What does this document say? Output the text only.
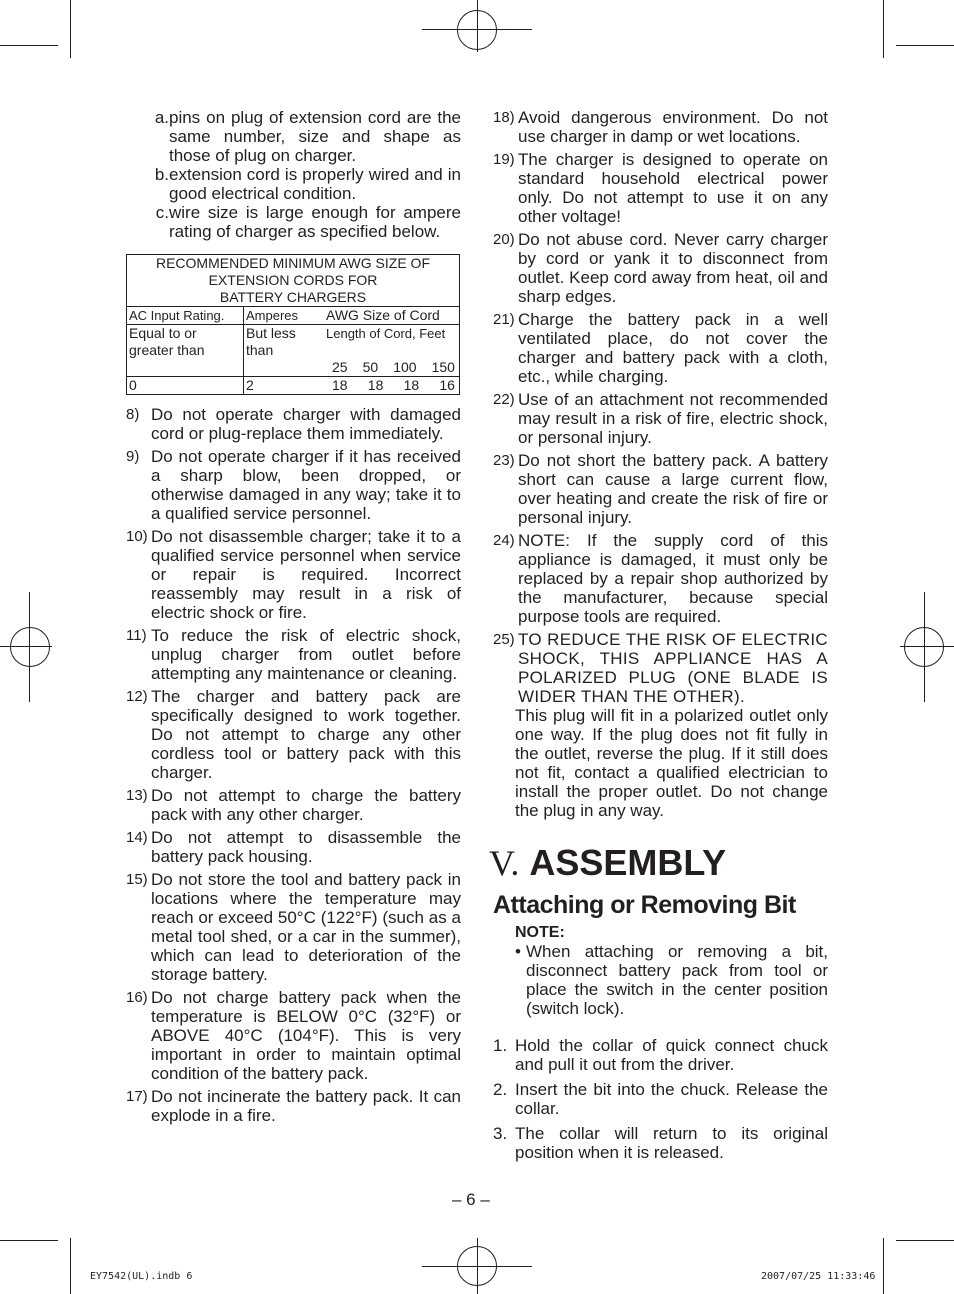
a. pins on plug of extension cord are the same number, size and shape as those of plug on charger.
b. extension cord is properly wired and in good electrical condition.
c. wire size is large enough for ampere rating of charger as specified below.
RECOMMENDED MINIMUM AWG SIZE OF
EXTENSION CORDS FOR
BATTERY CHARGERS		

AC Input Rating.	Amperes	AWG Size of Cord
Equal to or greater than	But less than	Length of Cord, Feet

		25 50 100 150

0	2	18 18 18 16
8) Do not operate charger with damaged cord or plug-replace them immediately.
9) Do not operate charger if it has received a sharp blow, been dropped, or otherwise damaged in any way; take it to a qualified service personnel.
10) Do not disassemble charger; take it to a qualified service personnel when service or repair is required. Incorrect reassembly may result in a risk of electric shock or fire.
11) To reduce the risk of electric shock, unplug charger from outlet before attempting any maintenance or cleaning.
12) The charger and battery pack are specifically designed to work together. Do not attempt to charge any other cordless tool or battery pack with this charger.
13) Do not attempt to charge the battery pack with any other charger.
14) Do not attempt to disassemble the battery pack housing.
15) Do not store the tool and battery pack in locations where the temperature may reach or exceed 50°C (122°F) (such as a metal tool shed, or a car in the summer), which can lead to deterioration of the storage battery.
16) Do not charge battery pack when the temperature is BELOW 0°C (32°F) or ABOVE 40°C (104°F). This is very important in order to maintain optimal condition of the battery pack.
17) Do not incinerate the battery pack. It can explode in a fire.
18) Avoid dangerous environment. Do not use charger in damp or wet locations.
19) The charger is designed to operate on standard household electrical power only. Do not attempt to use it on any other voltage!
20) Do not abuse cord. Never carry charger by cord or yank it to disconnect from outlet. Keep cord away from heat, oil and sharp edges.
21) Charge the battery pack in a well ventilated place, do not cover the charger and battery pack with a cloth, etc., while charging.
22) Use of an attachment not recommended may result in a risk of fire, electric shock, or personal injury.
23) Do not short the battery pack. A battery short can cause a large current flow, over heating and create the risk of fire or personal injury.
24) NOTE: If the supply cord of this appliance is damaged, it must only be replaced by a repair shop authorized by the manufacturer, because special purpose tools are required.
25) TO REDUCE THE RISK OF ELECTRIC SHOCK, THIS APPLIANCE HAS A POLARIZED PLUG (ONE BLADE IS WIDER THAN THE OTHER).

This plug will fit in a polarized outlet only one way. If the plug does not fit fully in the outlet, reverse the plug. If it still does not fit, contact a qualified electrician to install the proper outlet. Do not change the plug in any way.

V. ASSEMBLY
Attaching or Removing Bit
NOTE:
• When attaching or removing a bit, disconnect battery pack from tool or place the switch in the center position (switch lock).
1. Hold the collar of quick connect chuck and pull it out from the driver.
2. Insert the bit into the chuck. Release the collar.
3. The collar will return to its original position when it is released.
– 6 –
EY7542(UL).indb 6	2007/07/25 11:33:46
